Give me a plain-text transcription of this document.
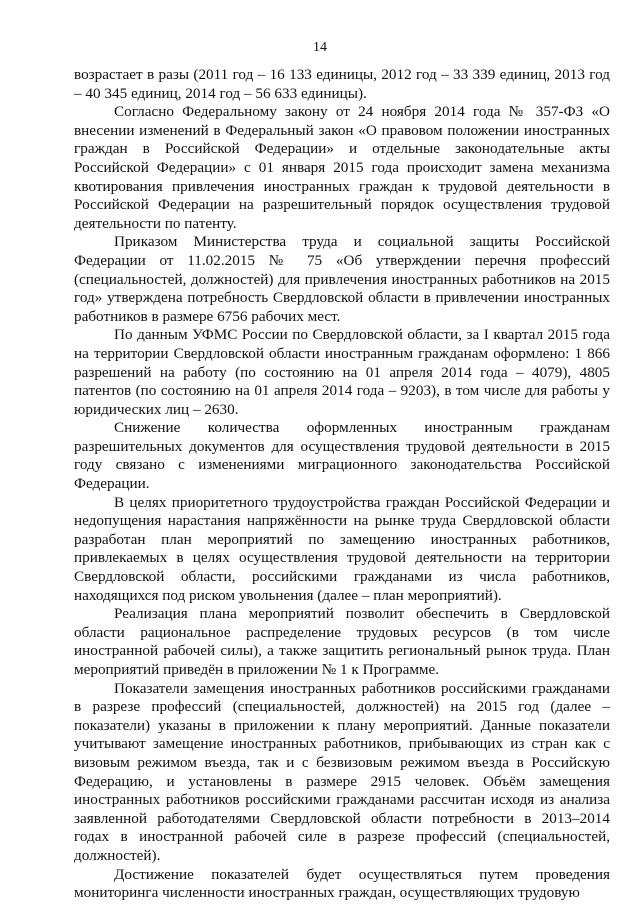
14

возрастает в разы (2011 год – 16 133 единицы, 2012 год – 33 339 единиц, 2013 год – 40 345 единиц, 2014 год – 56 633 единицы).

Согласно Федеральному закону от 24 ноября 2014 года № 357-ФЗ «О внесении изменений в Федеральный закон «О правовом положении иностранных граждан в Российской Федерации» и отдельные законодательные акты Российской Федерации» с 01 января 2015 года происходит замена механизма квотирования привлечения иностранных граждан к трудовой деятельности в Российской Федерации на разрешительный порядок осуществления трудовой деятельности по патенту.

Приказом Министерства труда и социальной защиты Российской Федерации от 11.02.2015 № 75 «Об утверждении перечня профессий (специальностей, должностей) для привлечения иностранных работников на 2015 год» утверждена потребность Свердловской области в привлечении иностранных работников в размере 6756 рабочих мест.

По данным УФМС России по Свердловской области, за I квартал 2015 года на территории Свердловской области иностранным гражданам оформлено: 1 866 разрешений на работу (по состоянию на 01 апреля 2014 года – 4079), 4805 патентов (по состоянию на 01 апреля 2014 года – 9203), в том числе для работы у юридических лиц – 2630.

Снижение количества оформленных иностранным гражданам разрешительных документов для осуществления трудовой деятельности в 2015 году связано с изменениями миграционного законодательства Российской Федерации.

В целях приоритетного трудоустройства граждан Российской Федерации и недопущения нарастания напряжённости на рынке труда Свердловской области разработан план мероприятий по замещению иностранных работников, привлекаемых в целях осуществления трудовой деятельности на территории Свердловской области, российскими гражданами из числа работников, находящихся под риском увольнения (далее – план мероприятий).

Реализация плана мероприятий позволит обеспечить в Свердловской области рациональное распределение трудовых ресурсов (в том числе иностранной рабочей силы), а также защитить региональный рынок труда. План мероприятий приведён в приложении № 1 к Программе.

Показатели замещения иностранных работников российскими гражданами в разрезе профессий (специальностей, должностей) на 2015 год (далее – показатели) указаны в приложении к плану мероприятий. Данные показатели учитывают замещение иностранных работников, прибывающих из стран как с визовым режимом въезда, так и с безвизовым режимом въезда в Российскую Федерацию, и установлены в размере 2915 человек. Объём замещения иностранных работников российскими гражданами рассчитан исходя из анализа заявленной работодателями Свердловской области потребности в 2013–2014 годах в иностранной рабочей силе в разрезе профессий (специальностей, должностей).

Достижение показателей будет осуществляться путем проведения мониторинга численности иностранных граждан, осуществляющих трудовую
